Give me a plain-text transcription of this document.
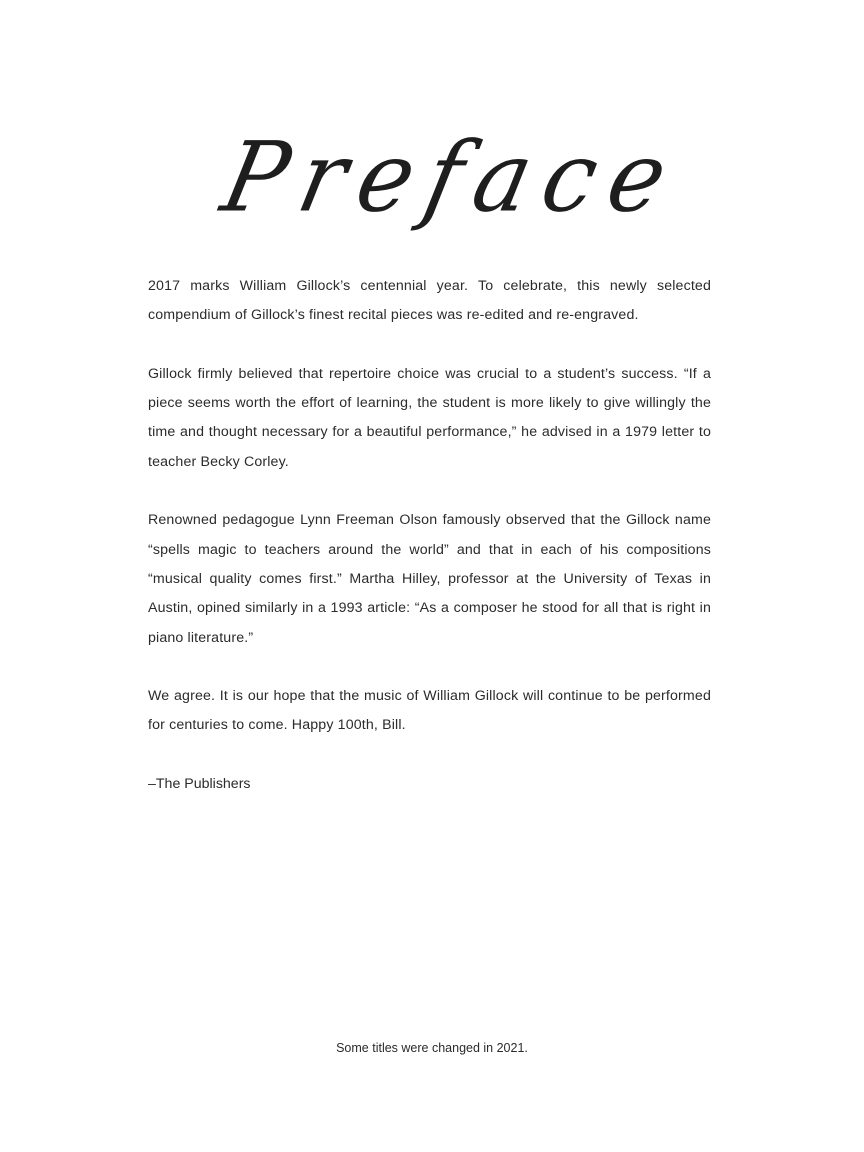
Preface

2017 marks William Gillock’s centennial year. To celebrate, this newly selected compendium of Gillock’s finest recital pieces was re-edited and re-engraved.

Gillock firmly believed that repertoire choice was crucial to a student’s success. “If a piece seems worth the effort of learning, the student is more likely to give willingly the time and thought necessary for a beautiful performance,” he advised in a 1979 letter to teacher Becky Corley.

Renowned pedagogue Lynn Freeman Olson famously observed that the Gillock name “spells magic to teachers around the world” and that in each of his compositions “musical quality comes first.” Martha Hilley, professor at the University of Texas in Austin, opined similarly in a 1993 article: “As a composer he stood for all that is right in piano literature.”

We agree. It is our hope that the music of William Gillock will continue to be performed for centuries to come. Happy 100th, Bill.

–The Publishers

Some titles were changed in 2021.
